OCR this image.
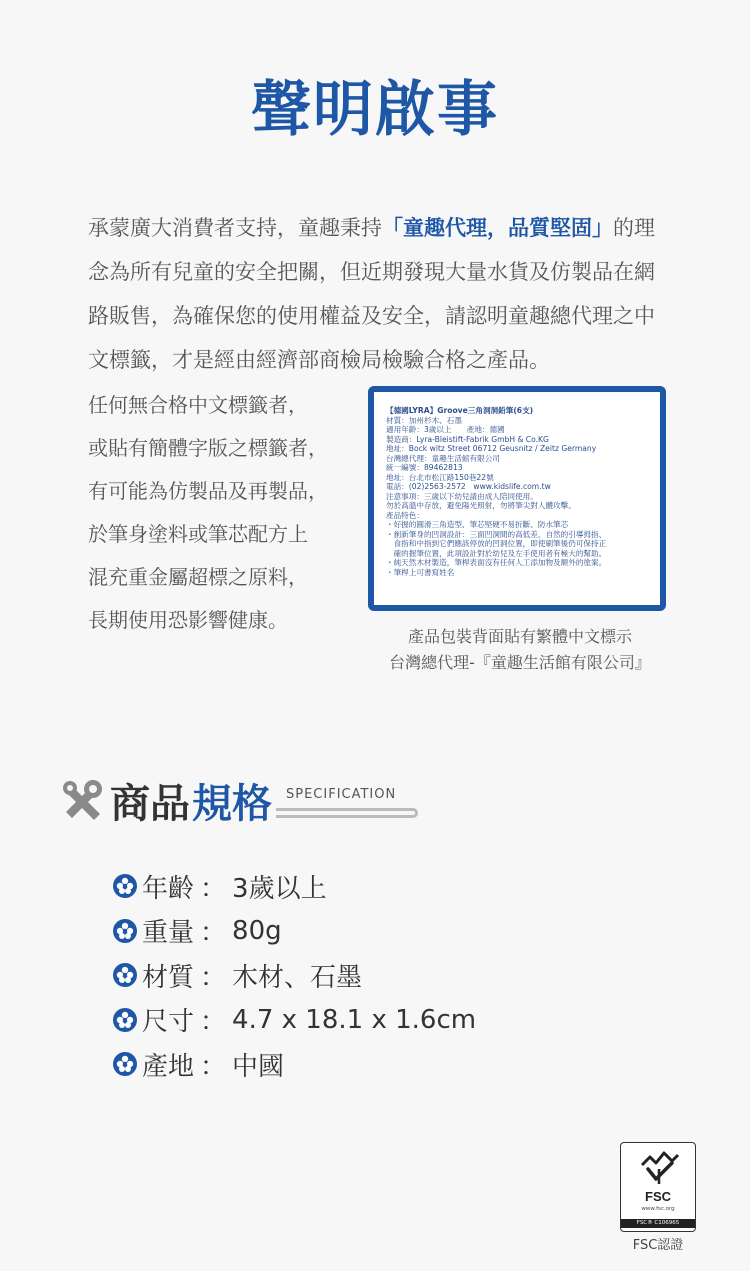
聲明啟事

承蒙廣大消費者支持，童趣秉持「童趣代理，品質堅固」的理念為所有兒童的安全把關，但近期發現大量水貨及仿製品在網路販售，為確保您的使用權益及安全，請認明童趣總代理之中文標籤，才是經由經濟部商檢局檢驗合格之產品。

任何無合格中文標籤者，
或貼有簡體字版之標籤者，
有可能為仿製品及再製品，
於筆身塗料或筆芯配方上
混充重金屬超標之原料，
長期使用恐影響健康。
【德國LYRA】Groove三角洞洞鉛筆(6支)
材質：加州杉木、石墨
適用年齡：3歲以上　　產地：德國
製造商：Lyra-Bleistift-Fabrik GmbH & Co.KG
地址：Bock witz Street 06712 Geusnitz / Zeitz Germany
台灣總代理：童趣生活館有限公司
統一編號：89462813
地址：台北市松江路150巷22號
電話：(02)2563-2572　www.kidslife.com.tw
注意事項：三歲以下幼兒請由成人陪同使用。
勿於高溫中存放，避免陽光照射，勿將筆尖對人體攻擊。
產品特色：
・好握的圓滑三角造型、筆芯堅硬不易折斷、防水筆芯
・創新筆身的凹洞設計：三面凹洞間的高低差，自然的引導拇指、
　食指和中指到它們應該停放的凹洞位置，即使刷筆後仍可保持正
　確的握筆位置，此項設計對於幼兒及左手使用者有極大的幫助。
・純天然木材製造，筆桿表面沒有任何人工添加物及額外的塗案。
・筆桿上可書寫姓名
產品包裝背面貼有繁體中文標示
台灣總代理-『童趣生活館有限公司』
商品 規格 SPECIFICATION
年齡 ： 3歲以上
重量 ： 80g
材質 ： 木材、石墨
尺寸 ： 4.7 x 18.1 x 1.6cm
產地 ： 中國
FSC
www.fsc.org
FSC® C106965
FSC認證
